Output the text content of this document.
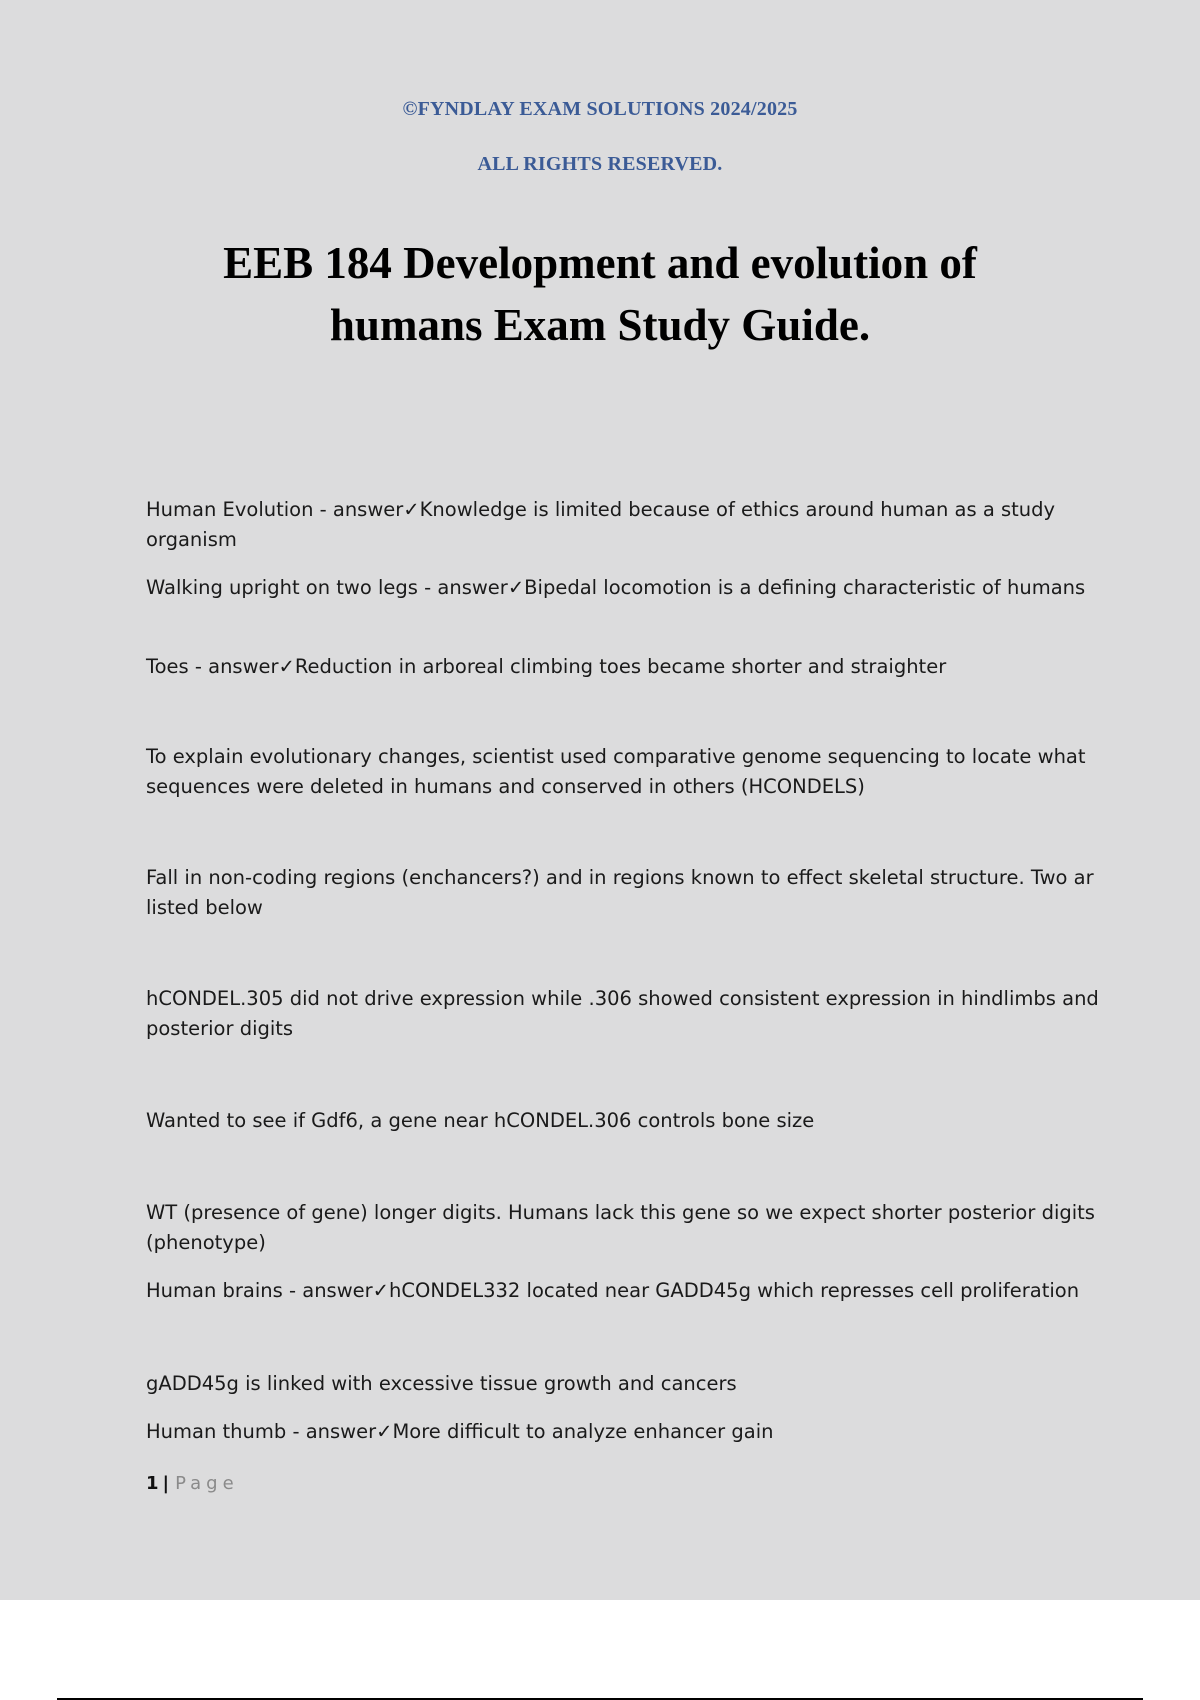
©FYNDLAY EXAM SOLUTIONS 2024/2025
ALL RIGHTS RESERVED.
EEB 184 Development and evolution of
humans Exam Study Guide.
Human Evolution - answer✓Knowledge is limited because of ethics around human as a study organism
Walking upright on two legs - answer✓Bipedal locomotion is a defining characteristic of humans
Toes - answer✓Reduction in arboreal climbing toes became shorter and straighter
To explain evolutionary changes, scientist used comparative genome sequencing to locate what sequences were deleted in humans and conserved in others (HCONDELS)
Fall in non-coding regions (enchancers?) and in regions known to effect skeletal structure. Two ar listed below
hCONDEL.305 did not drive expression while .306 showed consistent expression in hindlimbs and posterior digits
Wanted to see if Gdf6, a gene near hCONDEL.306 controls bone size
WT (presence of gene) longer digits. Humans lack this gene so we expect shorter posterior digits (phenotype)
Human brains - answer✓hCONDEL332 located near GADD45g which represses cell proliferation
gADD45g is linked with excessive tissue growth and cancers
Human thumb - answer✓More difficult to analyze enhancer gain
1 | Page
